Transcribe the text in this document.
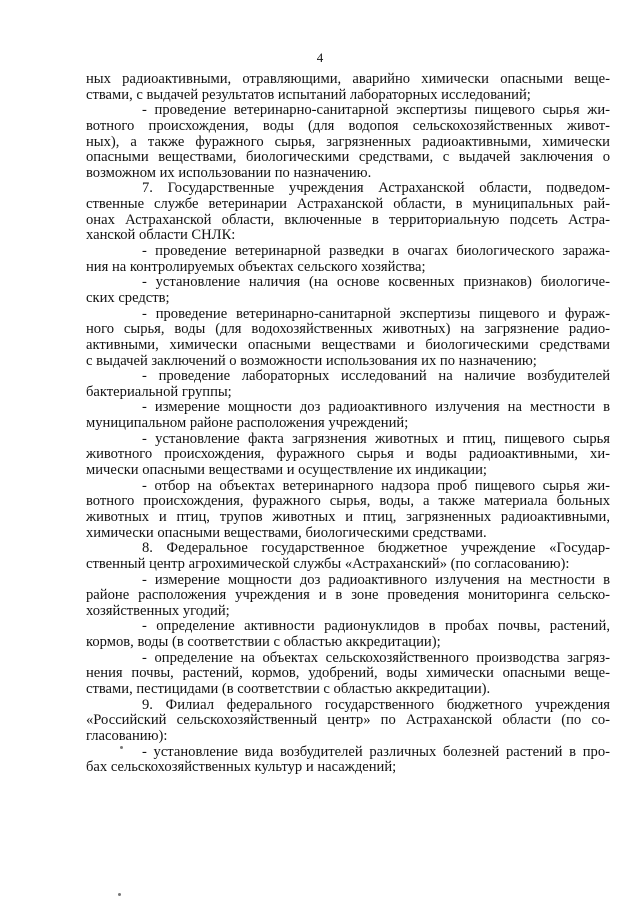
4
ных радиоактивными, отравляющими, аварийно химически опасными веще-
ствами, с выдачей результатов испытаний лабораторных исследований;
- проведение ветеринарно-санитарной экспертизы пищевого сырья жи-
вотного происхождения, воды (для водопоя сельскохозяйственных живот-
ных), а также фуражного сырья, загрязненных радиоактивными, химически
опасными веществами, биологическими средствами, с выдачей заключения о
возможном их использовании по назначению.
7. Государственные учреждения Астраханской области, подведом-
ственные службе ветеринарии Астраханской области, в муниципальных рай-
онах Астраханской области, включенные в территориальную подсеть Астра-
ханской области СНЛК:
- проведение ветеринарной разведки в очагах биологического заража-
ния на контролируемых объектах сельского хозяйства;
- установление наличия (на основе косвенных признаков) биологиче-
ских средств;
- проведение ветеринарно-санитарной экспертизы пищевого и фураж-
ного сырья, воды (для водохозяйственных животных) на загрязнение радио-
активными, химически опасными веществами и биологическими средствами
с выдачей заключений о возможности использования их по назначению;
- проведение лабораторных исследований на наличие возбудителей
бактериальной группы;
- измерение мощности доз радиоактивного излучения на местности в
муниципальном районе расположения учреждений;
- установление факта загрязнения животных и птиц, пищевого сырья
животного происхождения, фуражного сырья и воды радиоактивными, хи-
мически опасными веществами и осуществление их индикации;
- отбор на объектах ветеринарного надзора проб пищевого сырья жи-
вотного происхождения, фуражного сырья, воды, а также материала больных
животных и птиц, трупов животных и птиц, загрязненных радиоактивными,
химически опасными веществами, биологическими средствами.
8. Федеральное государственное бюджетное учреждение «Государ-
ственный центр агрохимической службы «Астраханский» (по согласованию):
- измерение мощности доз радиоактивного излучения на местности в
районе расположения учреждения и в зоне проведения мониторинга сельско-
хозяйственных угодий;
- определение активности радионуклидов в пробах почвы, растений,
кормов, воды (в соответствии с областью аккредитации);
- определение на объектах сельскохозяйственного производства загряз-
нения почвы, растений, кормов, удобрений, воды химически опасными веще-
ствами, пестицидами (в соответствии с областью аккредитации).
9. Филиал федерального государственного бюджетного учреждения
«Российский сельскохозяйственный центр» по Астраханской области (по со-
гласованию):
- установление вида возбудителей различных болезней растений в про-
бах сельскохозяйственных культур и насаждений;
